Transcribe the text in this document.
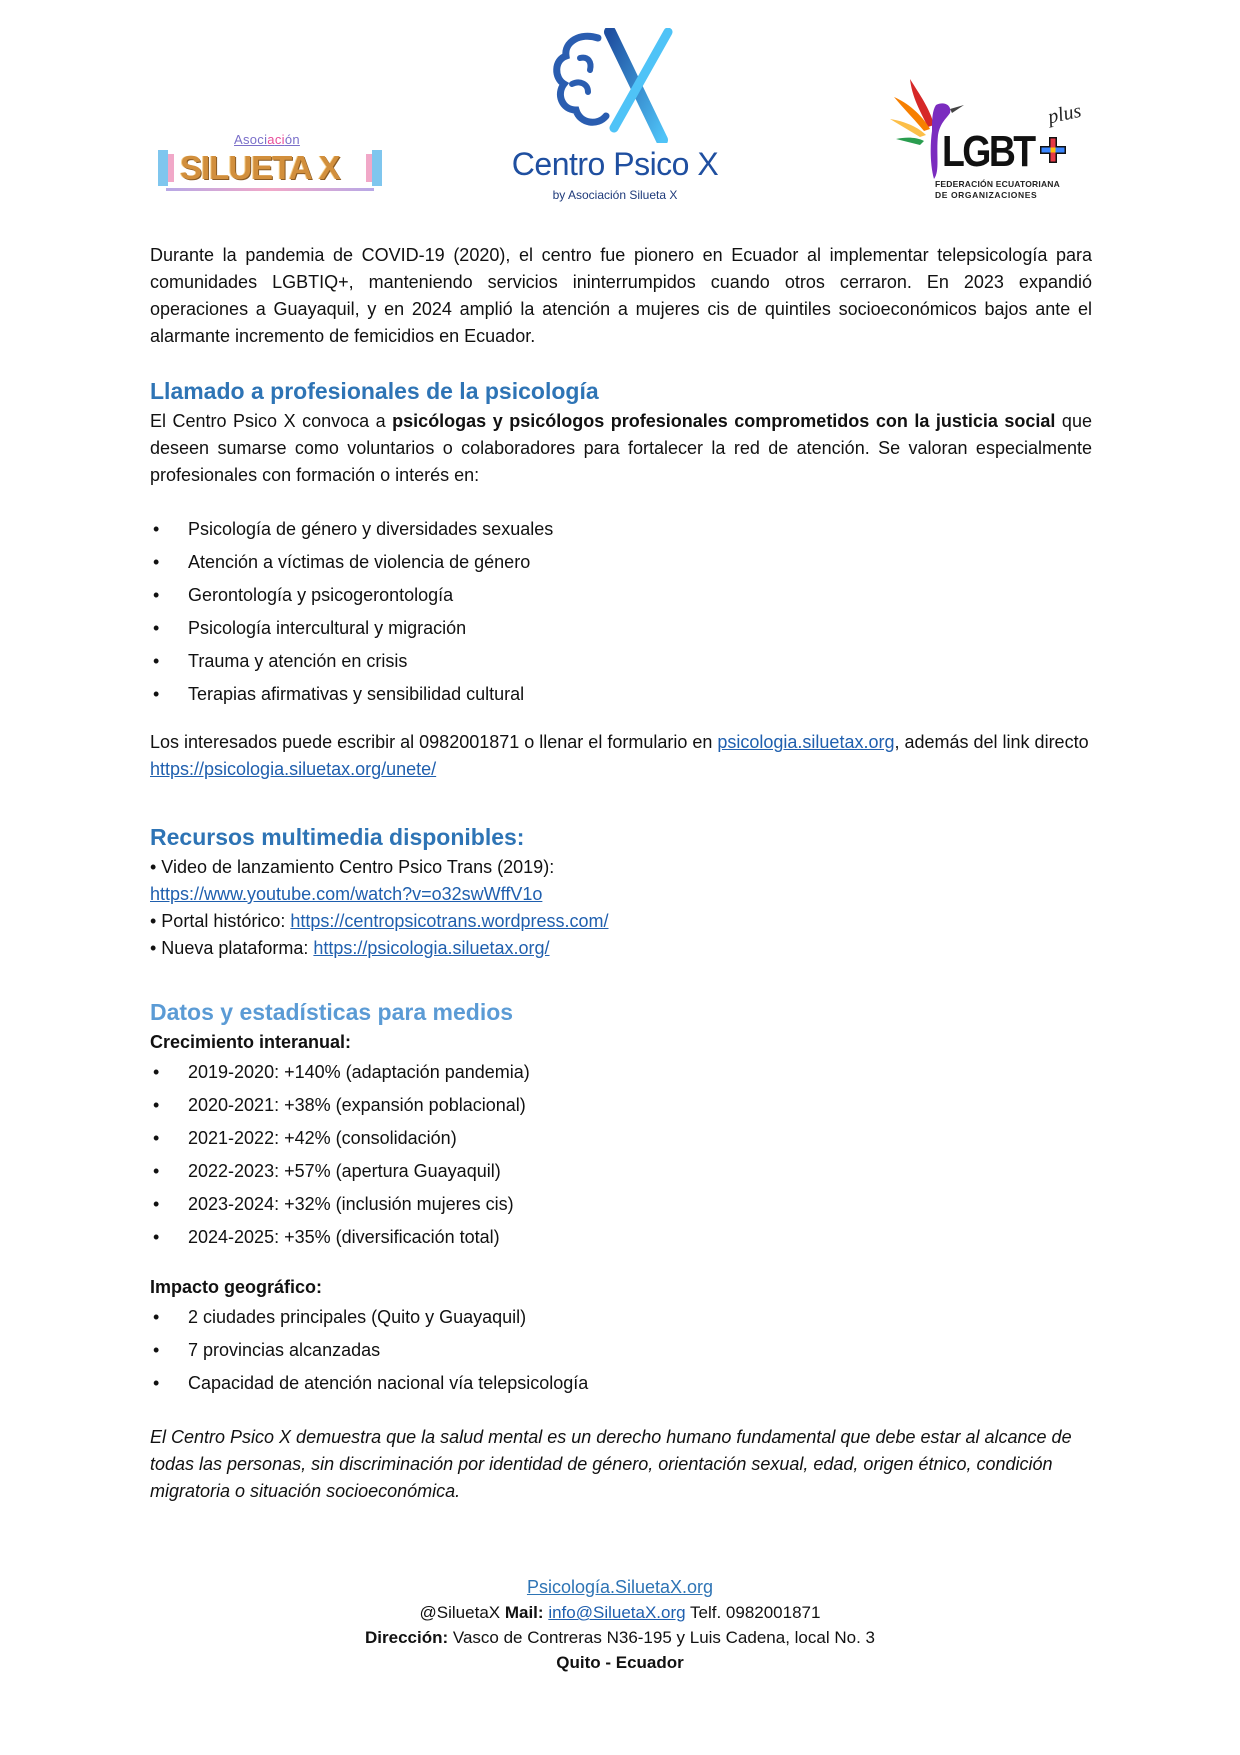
Asociación
SILUETA X	Centro Psico X
by Asociación Silueta X
plus
LGBT
FEDERACIÓN ECUATORIANA
DE ORGANIZACIONES

Durante la pandemia de COVID-19 (2020), el centro fue pionero en Ecuador al implementar telepsicología para comunidades LGBTIQ+, manteniendo servicios ininterrumpidos cuando otros cerraron. En 2023 expandió operaciones a Guayaquil, y en 2024 amplió la atención a mujeres cis de quintiles socioeconómicos bajos ante el alarmante incremento de femicidios en Ecuador.

Llamado a profesionales de la psicología

El Centro Psico X convoca a psicólogas y psicólogos profesionales comprometidos con la justicia social que deseen sumarse como voluntarios o colaboradores para fortalecer la red de atención. Se valoran especialmente profesionales con formación o interés en:

• Psicología de género y diversidades sexuales
• Atención a víctimas de violencia de género
• Gerontología y psicogerontología
• Psicología intercultural y migración
• Trauma y atención en crisis
• Terapias afirmativas y sensibilidad cultural

Los interesados puede escribir al 0982001871 o llenar el formulario en psicologia.siluetax.org, además del link directo https://psicologia.siluetax.org/unete/

Recursos multimedia disponibles:

• Video de lanzamiento Centro Psico Trans (2019):

https://www.youtube.com/watch?v=o32swWffV1o

• Portal histórico: https://centropsicotrans.wordpress.com/

• Nueva plataforma: https://psicologia.siluetax.org/

Datos y estadísticas para medios

Crecimiento interanual:

• 2019-2020: +140% (adaptación pandemia)
• 2020-2021: +38% (expansión poblacional)
• 2021-2022: +42% (consolidación)
• 2022-2023: +57% (apertura Guayaquil)
• 2023-2024: +32% (inclusión mujeres cis)
• 2024-2025: +35% (diversificación total)

Impacto geográfico:

• 2 ciudades principales (Quito y Guayaquil)
• 7 provincias alcanzadas
• Capacidad de atención nacional vía telepsicología

El Centro Psico X demuestra que la salud mental es un derecho humano fundamental que debe estar al alcance de todas las personas, sin discriminación por identidad de género, orientación sexual, edad, origen étnico, condición migratoria o situación socioeconómica.

Psicología.SiluetaX.org
@SiluetaX Mail: info@SiluetaX.org Telf. 0982001871
Dirección: Vasco de Contreras N36-195 y Luis Cadena, local No. 3
Quito - Ecuador
